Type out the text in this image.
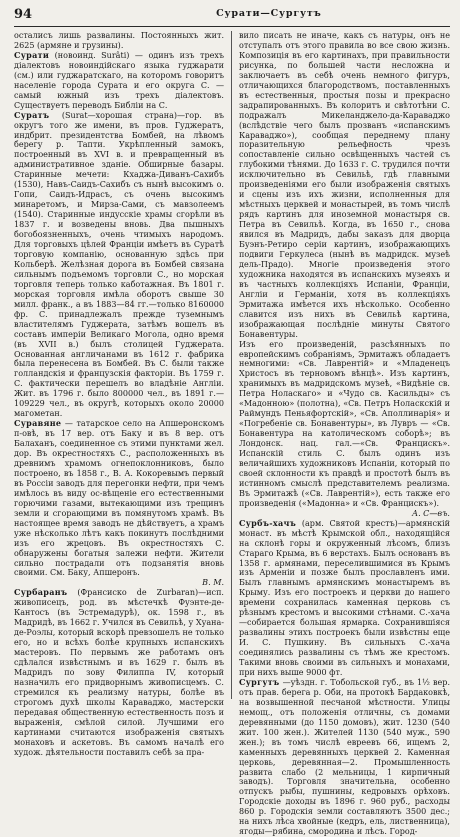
94	Сурати—Сургутъ

осталисъ лишь развалины. Постоянныхъ жит. 2625 (армяне и грузины).

Сурати (новоинд. Surâti) — одинъ изъ трехъ діалектовъ новоиндійскаго языка гуджарати (см.) или гуджаратскаго, на которомъ говоритъ населеніе города Сурата и его округа С. — самый южный изъ трехъ діалектовъ. Существуетъ переводъ Библіи на С.

Суратъ (Surat—хорошая страна)—гор. въ округъ того же имени, въ пров. Гуджератъ, индбрит. президентства Бомбей, на лѣвомъ берегу р. Тапти. Укрѣпленный замокъ, построенный въ XVI в. и превращенный въ административное зданіе. Обширные базары. Старинные мечети: Кхаджа-Диванъ-Сахибъ (1530), Навъ-Саидъ-Сахибъ съ нынѣ высокимъ о. Гопи, Саидъ-Идрасъ, съ очень высокимъ минаретомъ, и Мирза-Сами, съ мавзолеемъ (1540). Старинные индусскіе храмы сгорѣли въ 1837 г. и возведены вновь. Два пышныхъ богобоязненныхъ, очень чтимыхъ народомъ. Для торговыхъ цѣлей Франціи имѣетъ въ Суратѣ торговую компанію, основанную здѣсь при Кольберѣ. Желѣзная дорога въ Бомбей связана сильнымъ подъемомъ торговли С., но морская торговля теперь только каботажная. Въ 1801 г. морская торговля имѣла оборотъ свыше 30 милл. франк., а въ 1883—84 гг.—только 8160000 фр. С. принадлежалъ прежде туземнымъ властителямъ Гуджерата, затѣмъ вошелъ въ составъ имперіи Великаго Могола, одно время (въ XVII в.) былъ столицей Гуджерата. Основанная англичанами въ 1612 г. фабрика была перенесена въ Бомбей. Въ С. были также голландскія и французскія факторіи. Въ 1759 г. С. фактически перешелъ во владѣніе Англіи. Жит. въ 1796 г. было 800000 чел., въ 1891 г.—109229 чел., въ округѣ, которыхъ около 20000 магометан.

Суравяне — татарское село на Апшеронскомъ п-овѣ, въ 17 вер. отъ Баку и въ 8 вер. отъ Балаханъ, соединенное съ этими пунктами жел. дор. Въ окрестностяхъ С., расположенныхъ въ древнимъ храмомъ огнепоклонниковъ, было построено, въ 1858 г., В. А. Кокоревымъ первый въ Россіи заводъ для перегонки нефти, при чемъ имѣлось въ виду ос-вѣщеніе его естественными горючими газами, вытекающими изъ трещинъ земли и сгорающими въ помянутомъ храмѣ. Въ настоящее время заводъ не дѣйствуетъ, а храмъ уже нѣсколько лѣтъ какъ покинутъ послѣдними изъ его жрецовъ. Въ окрестностяхъ С. обнаружены богатыя залежи нефти. Жители сильно пострадали отъ подзанятія вновь своими. См. Баку, Апшеронъ.

В. М.

Сурбаранъ (Франсиско de Zurbaran)—исп. живописецъ, род. въ мѣстечкѣ Фуэнте-де-Кантосъ (въ Эстремадурѣ), ок. 1598 г., въ Мадридѣ, въ 1662 г. Учился въ Севильѣ, у Хуана-де-Роэлы, который вскорѣ превзошелъ не только его, но и всѣхъ болѣе крупныхъ испанскихъ мастеровъ. По первымъ же работамъ онъ сдѣлался извѣстнымъ и въ 1629 г. былъ въ Мадридъ по зову Филиппа IV, который назначилъ его придворнымъ живописцемъ. С. стремился къ реализму натуры, болѣе въ строгомъ духѣ школы Караваджо, мастерски передавая общественную естественность позъ и выраженія, смѣлой силой. Лучшими его картинами считаются изображенія святыхъ монаховъ и аскетовъ. Въ самомъ началѣ его худож. дѣятельности поставилъ себѣ за пра-

вило писать не иначе, какъ съ натуры, онъ не отступалъ отъ этого правила во все свою жизнь. Композиція въ его картинахъ, при правильности рисунка, по большей части несложна и заключаетъ въ себѣ очень немного фигуръ, отличающихся благородствомъ, поставленныхъ въ естественныя, простыя позы и прекрасно задрапированныхъ. Въ колоритъ и свѣтотѣни С. подражалъ Микеланджело-да-Караваджо (вслѣдствіе чего былъ прозванъ «испанскимъ Караваджо»), сообщая переднему плану поразительную рельефность чрезъ сопоставленіе сильно освѣщенныхъ частей съ глубокими тѣнями. До 1633 г. С. трудился почти исключительно въ Севильѣ, гдѣ главными произведеніями его были изображенія святыхъ и сцены изъ ихъ жизни, исполненныя для мѣстныхъ церквей и монастырей, въ томъ числѣ рядъ картинъ для иноземной монастыря св. Петра въ Севильѣ. Когда, въ 1650 г., снова явился въ Мадридъ, дабы заказъ для дворца Буэнъ-Ретиро серіи картинъ, изображающихъ подвиги Геркулеса (нынѣ въ мадридск. музеѣ дель-Прадо). Многіе произведенія этого художника находятся въ испанскихъ музеяхъ и въ частныхъ коллекціяхъ Испаніи, Франціи, Англіи и Германіи, хотя въ коллекціяхъ Эрмитажа имѣется ихъ нѣсколько. Особенно славится изъ нихъ въ Севильѣ картина, изображающая послѣдніе минуты Святого Бонавентуры.

Изъ его произведеній, разсѣянныхъ по европейскимъ собраніямъ, Эрмитажъ обладаетъ немногими: «Св. Лаврентій» и «Младенецъ Христосъ въ терновомъ вѣнцѣ». Изъ картинъ, хранимыхъ въ мадридскомъ музеѣ, «Видѣніе св. Петра Ноласкаго» и «Чудо св. Касильды» съ «Мадонною» (полотна), «Св. Петръ Ноласкскій и Раймундъ Пеньяфортскій», «Св. Аполлинарія» и «Погребеніе св. Бонавентуры», въ Лувръ — «Св. Бонавентура на католическомъ соборѣ»; въ Лондонск. нац. гал.—«Св. Францискъ». Испанскій стиль С. былъ одинъ изъ величайшихъ художниковъ Испаніи, который по своей склонности къ правдѣ и простотѣ былъ въ истинномъ смыслѣ представителемъ реализма. Въ Эрмитажѣ («Св. Лаврентій»), есть также его произведенія («Мадонна» и «Св. Францискъ»).

А. С—въ.

Сурбъ-хачъ (арм. Святой крестъ)—армянскій монаст. въ мѣстѣ Крымской обл., находящійся на склонѣ горы и окруженный лѣсомъ, близъ Стараго Крыма, въ 6 верстахъ. Былъ основанъ въ 1358 г. армянами, переселившимися въ Крымъ изъ Арменіи и позже былъ прославленъ ими. Былъ главнымъ армянскимъ монастыремъ въ Крыму. Изъ его построекъ и церкви до нашего времени сохранилась каменная церковь съ рѣзнымъ крестомъ и высокими стѣнами. С.-хача—собирается большая ярмарка. Сохранившіяся развалины этихъ построекъ были извѣстны еще И. С. Пушкину. Въ сильныхъ С.-хача соединялись развалины съ тѣмъ же крестомъ. Такими вновь своими въ сильныхъ и монахами, при нихъ выше 9000 фт.

Сургутъ —уѣздн. г. Тобольской губ., въ 1½ вер. отъ прав. берега р. Оби, на протокѣ Бардаковкѣ, на возвышенной песчаной мѣстности. Улицы немощ., отъ положенія отличны, съ домами деревянными (до 1150 домовъ), жит. 1230 (540 жит. 100 жен.). Жителей 1130 (540 муж., 590 жен.); въ томъ числѣ евреевъ 66, ищемъ 2, каменныхъ деревянныхъ церквей 2. Каменная церковь, деревянная—2. Промышленность развита слабо (2 мельницы, 1 кирпичный заводъ). Торговля значительна, особенно отпускъ рыбы, пушнины, кедровыхъ орѣховъ. Городскіе доходы въ 1896 г. 960 руб., расходы 860 р. Городскія земли составляютъ 3500 дес.; на нихъ лѣса хвойные (кедръ, ель, лиственница), ягоды—рябина, смородина и лѣсъ. Город-
